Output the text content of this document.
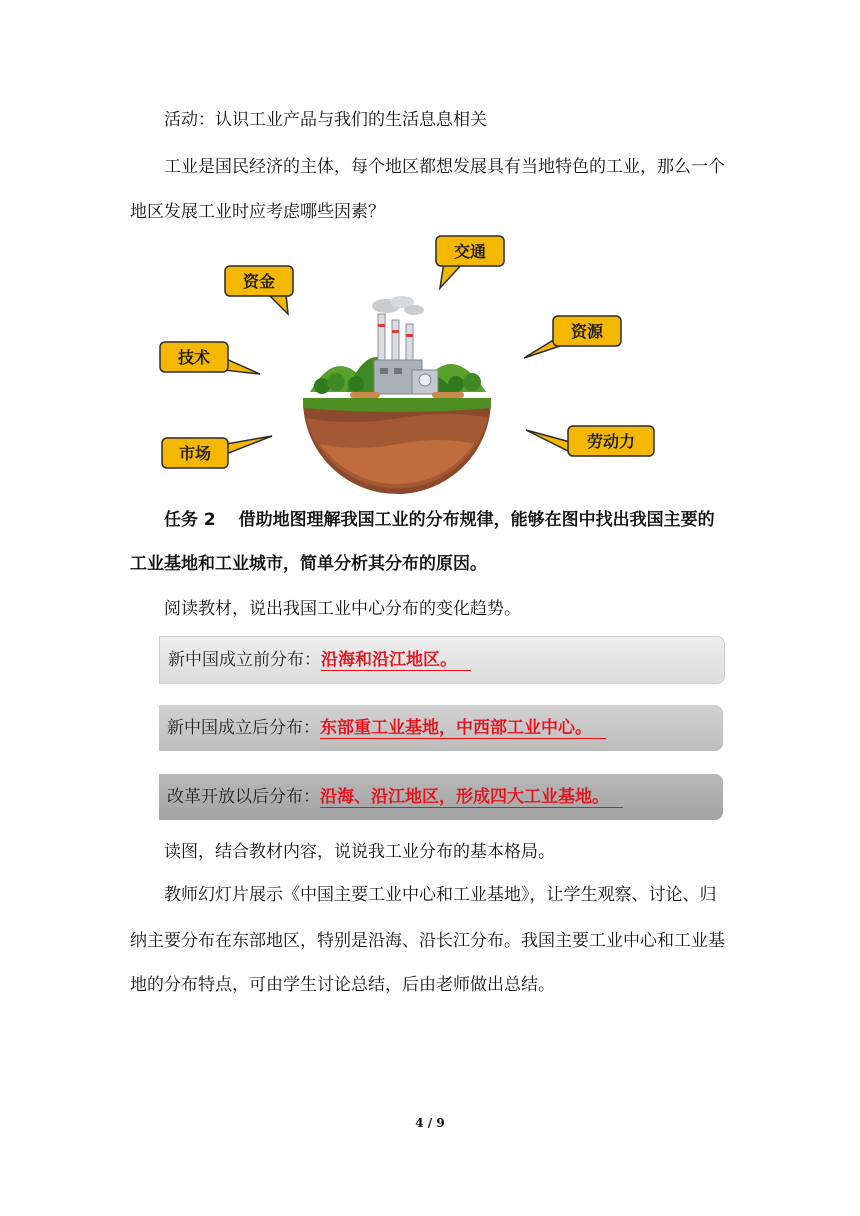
活动：认识工业产品与我们的生活息息相关
工业是国民经济的主体，每个地区都想发展具有当地特色的工业，那么一个
地区发展工业时应考虑哪些因素？
交通
资金
资源
技术
市场
劳动力
任务 2　 借助地图理解我国工业的分布规律，能够在图中找出我国主要的
工业基地和工业城市，简单分析其分布的原因。
阅读教材，说出我国工业中心分布的变化趋势。
新中国成立前分布：沿海和沿江地区。
新中国成立后分布：东部重工业基地，中西部工业中心。
改革开放以后分布：沿海、沿江地区，形成四大工业基地。
读图，结合教材内容，说说我工业分布的基本格局。
教师幻灯片展示《中国主要工业中心和工业基地》，让学生观察、讨论、归
纳主要分布在东部地区，特别是沿海、沿长江分布。我国主要工业中心和工业基
地的分布特点，可由学生讨论总结，后由老师做出总结。
4 / 9
